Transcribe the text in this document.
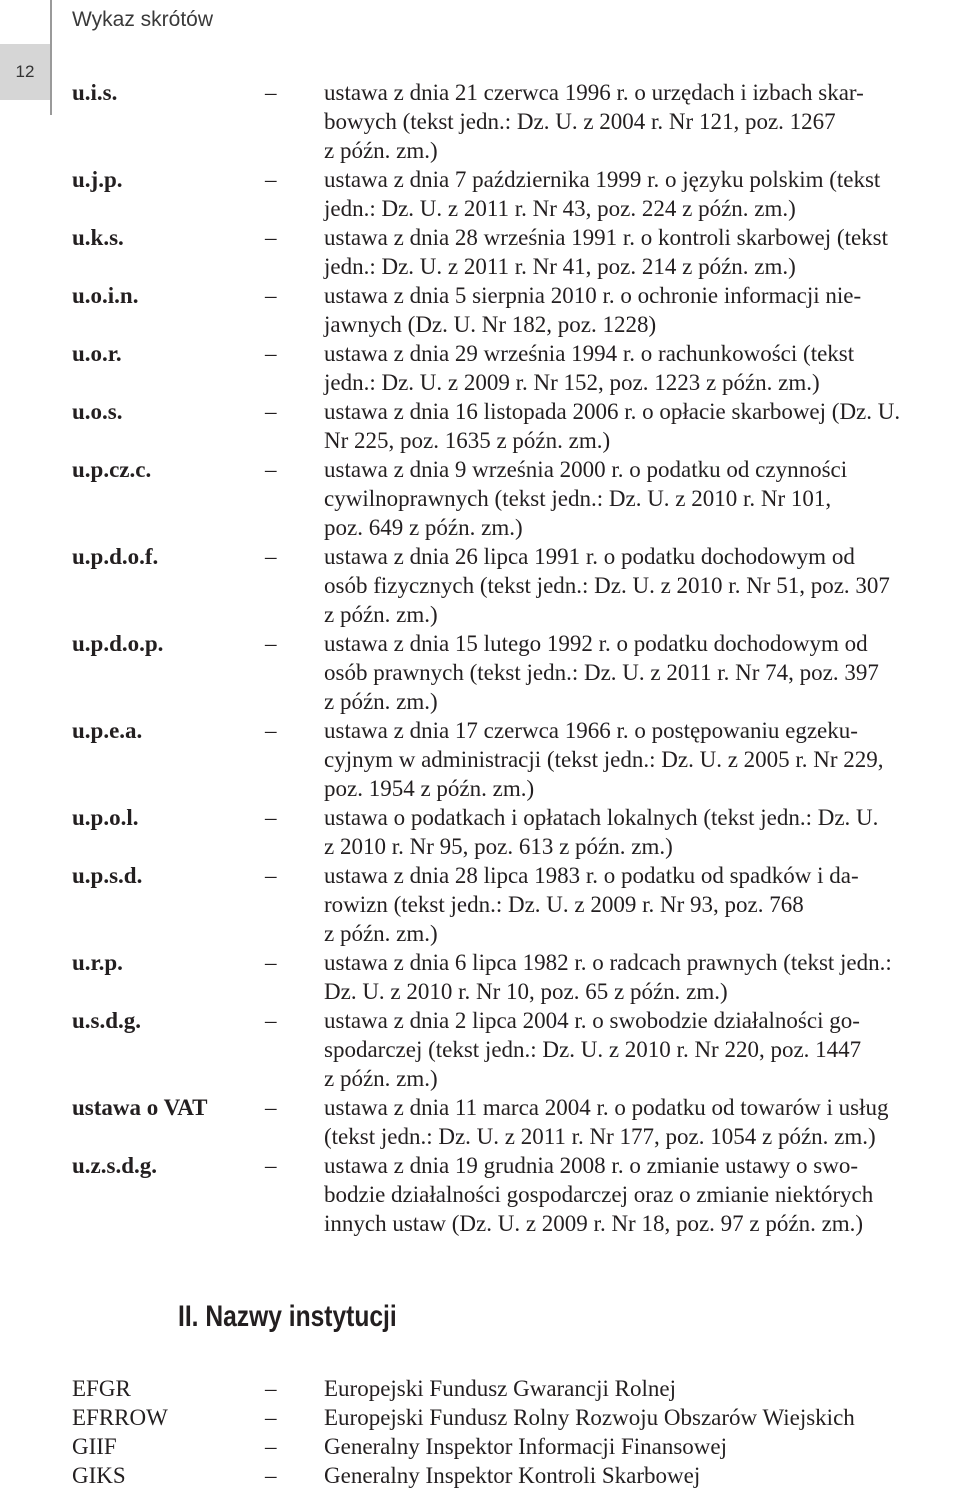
Wykaz skrótów
12
u.i.s.	– ustawa z dnia 21 czerwca 1996 r. o urzędach i izbach skar-
bowych (tekst jedn.: Dz. U. z 2004 r. Nr 121, poz. 1267
z późn. zm.)
u.j.p.	– ustawa z dnia 7 października 1999 r. o języku polskim (tekst
jedn.: Dz. U. z 2011 r. Nr 43, poz. 224 z późn. zm.)
u.k.s.	– ustawa z dnia 28 września 1991 r. o kontroli skarbowej (tekst
jedn.: Dz. U. z 2011 r. Nr 41, poz. 214 z późn. zm.)
u.o.i.n.	– ustawa z dnia 5 sierpnia 2010 r. o ochronie informacji nie-
jawnych (Dz. U. Nr 182, poz. 1228)
u.o.r.	– ustawa z dnia 29 września 1994 r. o rachunkowości (tekst
jedn.: Dz. U. z 2009 r. Nr 152, poz. 1223 z późn. zm.)
u.o.s.	– ustawa z dnia 16 listopada 2006 r. o opłacie skarbowej (Dz. U.
Nr 225, poz. 1635 z późn. zm.)
u.p.cz.c.	– ustawa z dnia 9 września 2000 r. o podatku od czynności
cywilnoprawnych (tekst jedn.: Dz. U. z 2010 r. Nr 101,
poz. 649 z późn. zm.)
u.p.d.o.f.	– ustawa z dnia 26 lipca 1991 r. o podatku dochodowym od
osób fizycznych (tekst jedn.: Dz. U. z 2010 r. Nr 51, poz. 307
z późn. zm.)
u.p.d.o.p.	– ustawa z dnia 15 lutego 1992 r. o podatku dochodowym od
osób prawnych (tekst jedn.: Dz. U. z 2011 r. Nr 74, poz. 397
z późn. zm.)
u.p.e.a.	– ustawa z dnia 17 czerwca 1966 r. o postępowaniu egzeku-
cyjnym w administracji (tekst jedn.: Dz. U. z 2005 r. Nr 229,
poz. 1954 z późn. zm.)
u.p.o.l.	– ustawa o podatkach i opłatach lokalnych (tekst jedn.: Dz. U.
z 2010 r. Nr 95, poz. 613 z późn. zm.)
u.p.s.d.	– ustawa z dnia 28 lipca 1983 r. o podatku od spadków i da-
rowizn (tekst jedn.: Dz. U. z 2009 r. Nr 93, poz. 768
z późn. zm.)
u.r.p.	– ustawa z dnia 6 lipca 1982 r. o radcach prawnych (tekst jedn.:
Dz. U. z 2010 r. Nr 10, poz. 65 z późn. zm.)
u.s.d.g.	– ustawa z dnia 2 lipca 2004 r. o swobodzie działalności go-
spodarczej (tekst jedn.: Dz. U. z 2010 r. Nr 220, poz. 1447
z późn. zm.)
ustawa o VAT	– ustawa z dnia 11 marca 2004 r. o podatku od towarów i usług
(tekst jedn.: Dz. U. z 2011 r. Nr 177, poz. 1054 z późn. zm.)
u.z.s.d.g.	– ustawa z dnia 19 grudnia 2008 r. o zmianie ustawy o swo-
bodzie działalności gospodarczej oraz o zmianie niektórych
innych ustaw (Dz. U. z 2009 r. Nr 18, poz. 97 z późn. zm.)
II. Nazwy instytucji
EFGR	– Europejski Fundusz Gwarancji Rolnej
EFRROW	– Europejski Fundusz Rolny Rozwoju Obszarów Wiejskich
GIIF	– Generalny Inspektor Informacji Finansowej
GIKS	– Generalny Inspektor Kontroli Skarbowej
